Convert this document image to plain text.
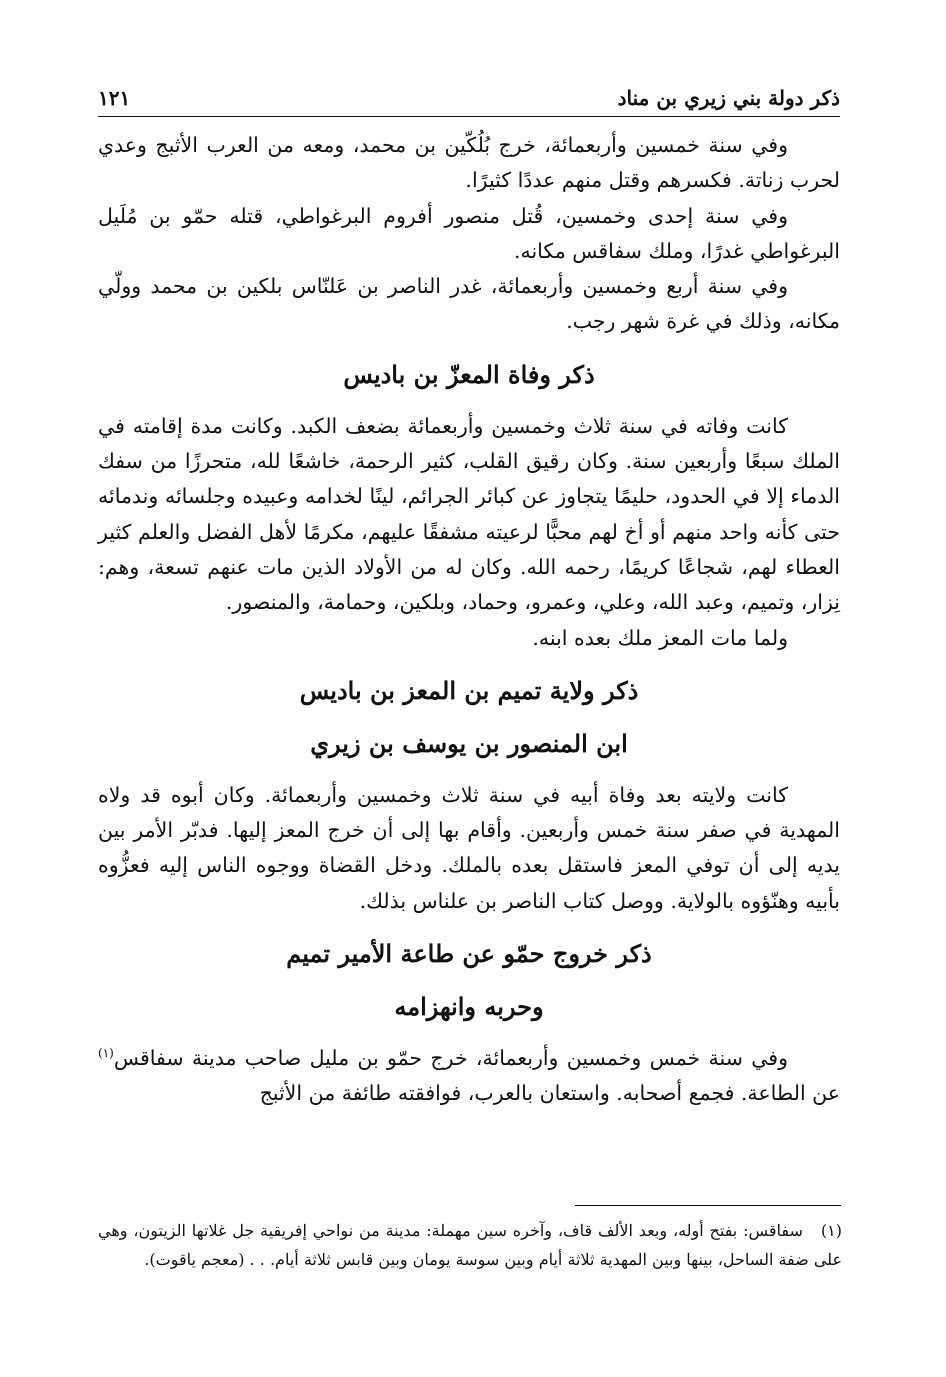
ذكر دولة بني زيري بن مناد
١٢١

وفي سنة خمسين وأربعمائة، خرج بُلُكّين بن محمد، ومعه من العرب الأثبج وعدي لحرب زناتة. فكسرهم وقتل منهم عددًا كثيرًا.

وفي سنة إحدى وخمسين، قُتل منصور أفروم البرغواطي، قتله حمّو بن مُلَيل البرغواطي غدرًا، وملك سفاقس مكانه.

وفي سنة أربع وخمسين وأربعمائة، غدر الناصر بن عَلنّاس بلكين بن محمد وولّي مكانه، وذلك في غرة شهر رجب.

ذكر وفاة المعزّ بن باديس

كانت وفاته في سنة ثلاث وخمسين وأربعمائة بضعف الكبد. وكانت مدة إقامته في الملك سبعًا وأربعين سنة. وكان رقيق القلب، كثير الرحمة، خاشعًا لله، متحرزًا من سفك الدماء إلا في الحدود، حليمًا يتجاوز عن كبائر الجرائم، لينًا لخدامه وعبيده وجلسائه وندمائه حتى كأنه واحد منهم أو أخ لهم محبًّا لرعيته مشفقًا عليهم، مكرمًا لأهل الفضل والعلم كثير العطاء لهم، شجاعًا كريمًا، رحمه الله. وكان له من الأولاد الذين مات عنهم تسعة، وهم: نِزار، وتميم، وعبد الله، وعلي، وعمرو، وحماد، وبلكين، وحمامة، والمنصور.

ولما مات المعز ملك بعده ابنه.

ذكر ولاية تميم بن المعز بن باديس
ابن المنصور بن يوسف بن زيري

كانت ولايته بعد وفاة أبيه في سنة ثلاث وخمسين وأربعمائة. وكان أبوه قد ولاه المهدية في صفر سنة خمس وأربعين. وأقام بها إلى أن خرج المعز إليها. فدبّر الأمر بين يديه إلى أن توفي المعز فاستقل بعده بالملك. ودخل القضاة ووجوه الناس إليه فعزُّوه بأبيه وهنّؤوه بالولاية. ووصل كتاب الناصر بن علناس بذلك.

ذكر خروج حمّو عن طاعة الأمير تميم
وحربه وانهزامه

وفي سنة خمس وخمسين وأربعمائة، خرج حمّو بن مليل صاحب مدينة سفاقس$^{(١)}$ عن الطاعة. فجمع أصحابه. واستعان بالعرب، فوافقته طائفة من الأثبج

(١)سفاقس: بفتح أوله، وبعد الألف قاف، وآخره سين مهملة: مدينة من نواحي إفريقية جل غلاتها الزيتون، وهي على ضفة الساحل، بينها وبين المهدية ثلاثة أيام وبين سوسة يومان وبين قابس ثلاثة أيام. . . (معجم ياقوت).
